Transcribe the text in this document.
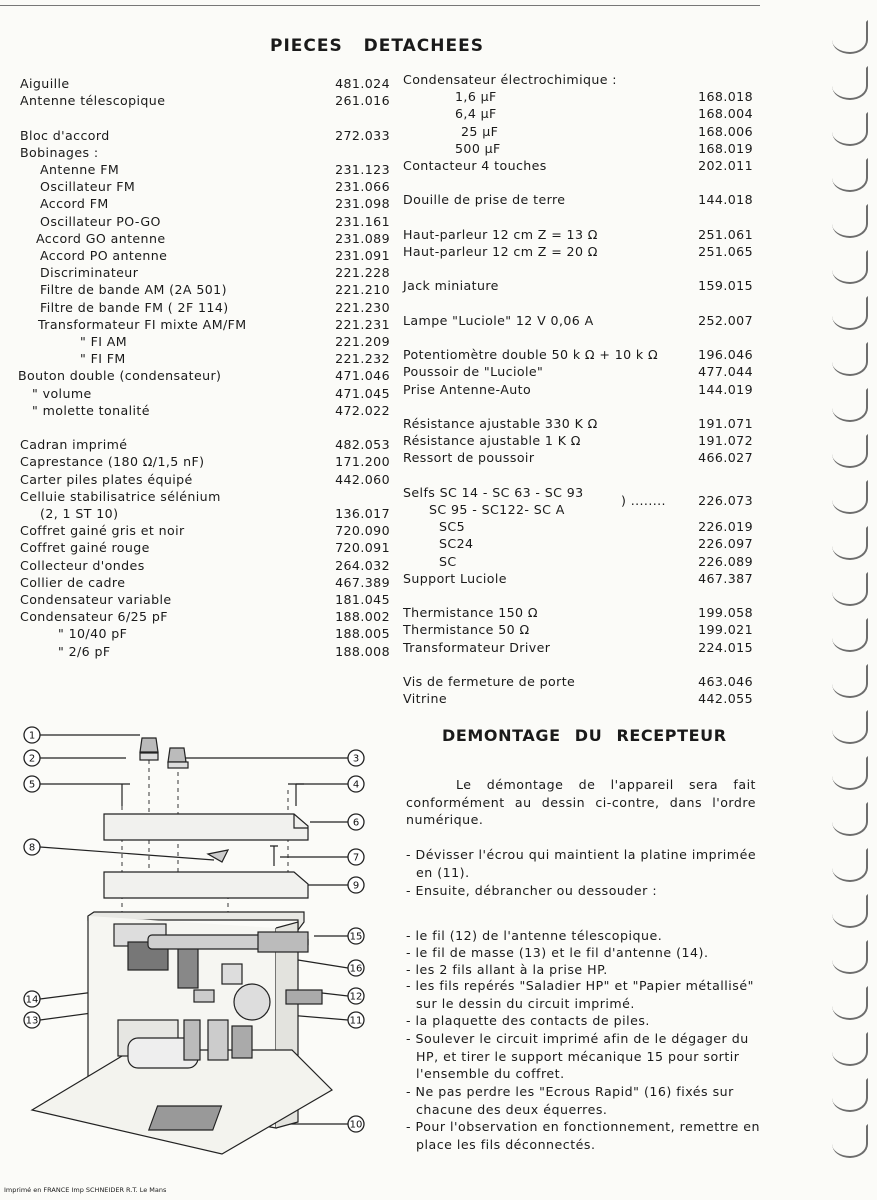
PIECES DETACHEES
Aiguille	481.024
Antenne télescopique	261.016
Bloc d'accord	272.033
Bobinages :
Antenne FM	231.123
Oscillateur FM	231.066
Accord FM	231.098
Oscillateur PO-GO	231.161
Accord GO antenne	231.089
Accord PO antenne	231.091
Discriminateur	221.228
Filtre de bande AM (2A 501)	221.210
Filtre de bande FM ( 2F 114)	221.230
Transformateur FI mixte AM/FM	221.231
" FI AM	221.209
" FI FM	221.232
Bouton double (condensateur)	471.046
" volume	471.045
" molette tonalité	472.022
Cadran imprimé	482.053
Caprestance (180 Ω/1,5 nF)	171.200
Carter piles plates équipé	442.060
Celluie stabilisatrice sélénium
(2, 1 ST 10)	136.017
Coffret gainé gris et noir	720.090
Coffret gainé rouge	720.091
Collecteur d'ondes	264.032
Collier de cadre	467.389
Condensateur variable	181.045
Condensateur 6/25 pF	188.002
" 10/40 pF	188.005
" 2/6 pF	188.008
Condensateur électrochimique :
1,6 μF	168.018
6,4 μF	168.004
25 μF	168.006
500 μF	168.019
Contacteur 4 touches	202.011
Douille de prise de terre	144.018
Haut-parleur 12 cm Z = 13 Ω	251.061
Haut-parleur 12 cm Z = 20 Ω	251.065
Jack miniature	159.015
Lampe "Luciole" 12 V 0,06 A	252.007
Potentiomètre double 50 k Ω + 10 k Ω	196.046
Poussoir de "Luciole"	477.044
Prise Antenne-Auto	144.019
Résistance ajustable 330 K Ω	191.071
Résistance ajustable 1 K Ω	191.072
Ressort de poussoir	466.027
Selfs SC 14 - SC 63 - SC 93
) ........	226.073
SC 95 - SC122- SC A
SC5	226.019
SC24	226.097
SC	226.089
Support Luciole	467.387
Thermistance 150 Ω	199.058
Thermistance 50 Ω	199.021
Transformateur Driver	224.015
Vis de fermeture de porte	463.046
Vitrine	442.055
DEMONTAGE DU RECEPTEUR
Le démontage de l'appareil sera fait conformément au dessin ci-contre, dans l'ordre numérique.
- Dévisser l'écrou qui maintient la platine imprimée en (11).
- Ensuite, débrancher ou dessouder :
- le fil (12) de l'antenne télescopique.
- le fil de masse (13) et le fil d'antenne (14).
- les 2 fils allant à la prise HP.
- les fils repérés "Saladier HP" et "Papier métallisé" sur le dessin du circuit imprimé.
- la plaquette des contacts de piles.
- Soulever le circuit imprimé afin de le dégager du HP, et tirer le support mécanique 15 pour sortir l'ensemble du coffret.
- Ne pas perdre les "Ecrous Rapid" (16) fixés sur chacune des deux équerres.
- Pour l'observation en fonctionnement, remettre en place les fils déconnectés.
1
2	3
4
5
6
7
8
9
10
11
12
13
14
15
16
Imprimé en FRANCE Imp SCHNEIDER R.T. Le Mans
